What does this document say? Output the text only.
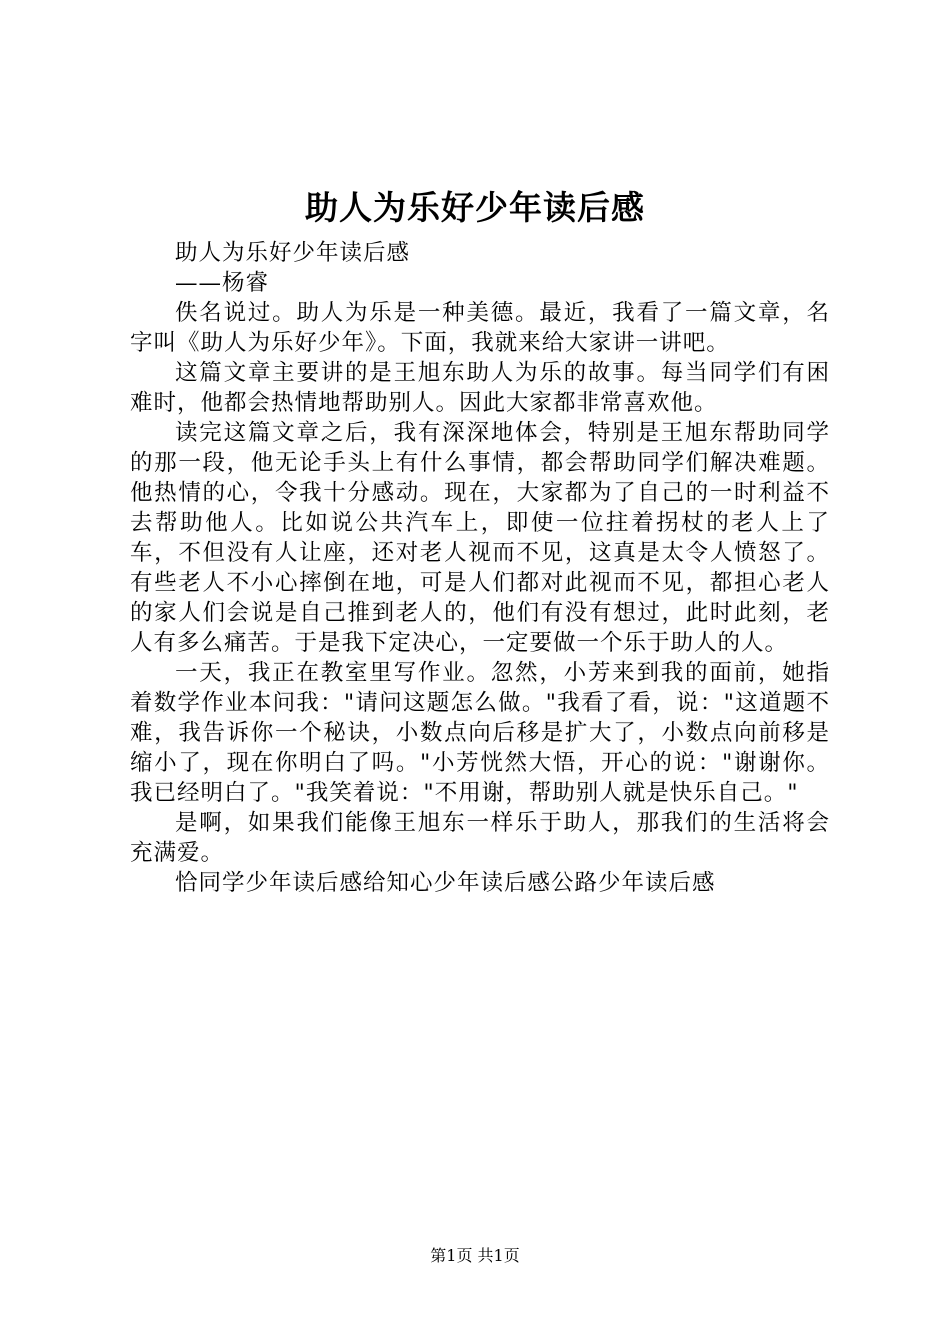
助人为乐好少年读后感

助人为乐好少年读后感

——杨睿

佚名说过。助人为乐是一种美德。最近，我看了一篇文章，名字叫《助人为乐好少年》。下面，我就来给大家讲一讲吧。

这篇文章主要讲的是王旭东助人为乐的故事。每当同学们有困难时，他都会热情地帮助别人。因此大家都非常喜欢他。

读完这篇文章之后，我有深深地体会，特别是王旭东帮助同学的那一段，他无论手头上有什么事情，都会帮助同学们解决难题。他热情的心，令我十分感动。现在，大家都为了自己的一时利益不去帮助他人。比如说公共汽车上，即使一位拄着拐杖的老人上了车，不但没有人让座，还对老人视而不见，这真是太令人愤怒了。有些老人不小心摔倒在地，可是人们都对此视而不见，都担心老人的家人们会说是自己推到老人的，他们有没有想过，此时此刻，老人有多么痛苦。于是我下定决心，一定要做一个乐于助人的人。

一天，我正在教室里写作业。忽然，小芳来到我的面前，她指着数学作业本问我："请问这题怎么做。"我看了看，说："这道题不难，我告诉你一个秘诀，小数点向后移是扩大了，小数点向前移是缩小了，现在你明白了吗。"小芳恍然大悟，开心的说："谢谢你。我已经明白了。"我笑着说："不用谢，帮助别人就是快乐自己。"

是啊，如果我们能像王旭东一样乐于助人，那我们的生活将会充满爱。

恰同学少年读后感给知心少年读后感公路少年读后感

第1页 共1页
